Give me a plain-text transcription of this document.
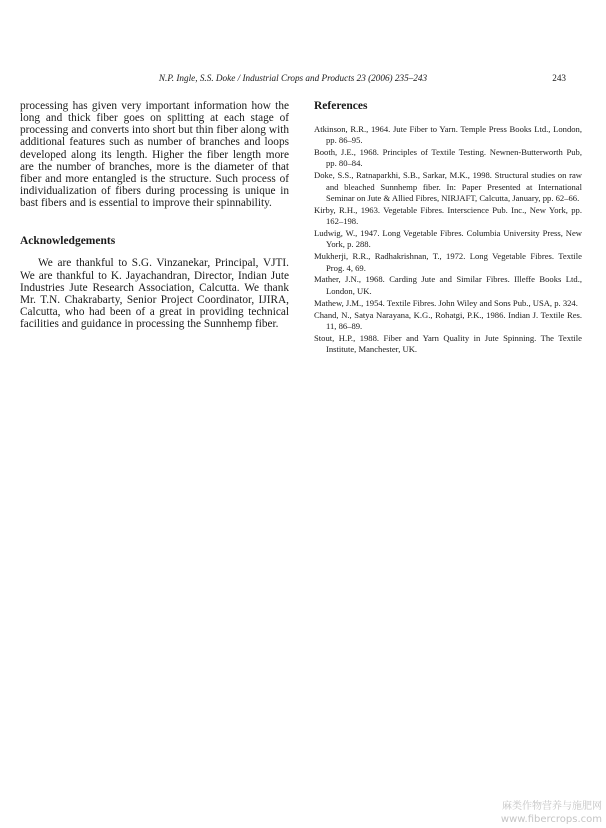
N.P. Ingle, S.S. Doke / Industrial Crops and Products 23 (2006) 235–243	243

processing has given very important information how the long and thick fiber goes on splitting at each stage of processing and converts into short but thin fiber along with additional features such as number of branches and loops developed along its length. Higher the fiber length more are the number of branches, more is the diameter of that fiber and more entangled is the structure. Such process of individualization of fibers during processing is unique in bast fibers and is essential to improve their spinnability.

Acknowledgements

We are thankful to S.G. Vinzanekar, Principal, VJTI. We are thankful to K. Jayachandran, Director, Indian Jute Industries Jute Research Association, Calcutta. We thank Mr. T.N. Chakrabarty, Senior Project Coordinator, IJIRA, Calcutta, who had been of a great in providing technical facilities and guidance in processing the Sunnhemp fiber.

References
Atkinson, R.R., 1964. Jute Fiber to Yarn. Temple Press Books Ltd., London, pp. 86–95.
Booth, J.E., 1968. Principles of Textile Testing. Newnen-Butterworth Pub, pp. 80–84.
Doke, S.S., Ratnaparkhi, S.B., Sarkar, M.K., 1998. Structural studies on raw and bleached Sunnhemp fiber. In: Paper Presented at International Seminar on Jute & Allied Fibres, NIRJAFT, Calcutta, January, pp. 62–66.
Kirby, R.H., 1963. Vegetable Fibres. Interscience Pub. Inc., New York, pp. 162–198.
Ludwig, W., 1947. Long Vegetable Fibres. Columbia University Press, New York, p. 288.
Mukherji, R.R., Radhakrishnan, T., 1972. Long Vegetable Fibres. Textile Prog. 4, 69.
Mather, J.N., 1968. Carding Jute and Similar Fibres. Illeffe Books Ltd., London, UK.
Mathew, J.M., 1954. Textile Fibres. John Wiley and Sons Pub., USA, p. 324.
Chand, N., Satya Narayana, K.G., Rohatgi, P.K., 1986. Indian J. Textile Res. 11, 86–89.
Stout, H.P., 1988. Fiber and Yarn Quality in Jute Spinning. The Textile Institute, Manchester, UK.
麻类作物营养与施肥网
www.fibercrops.com
